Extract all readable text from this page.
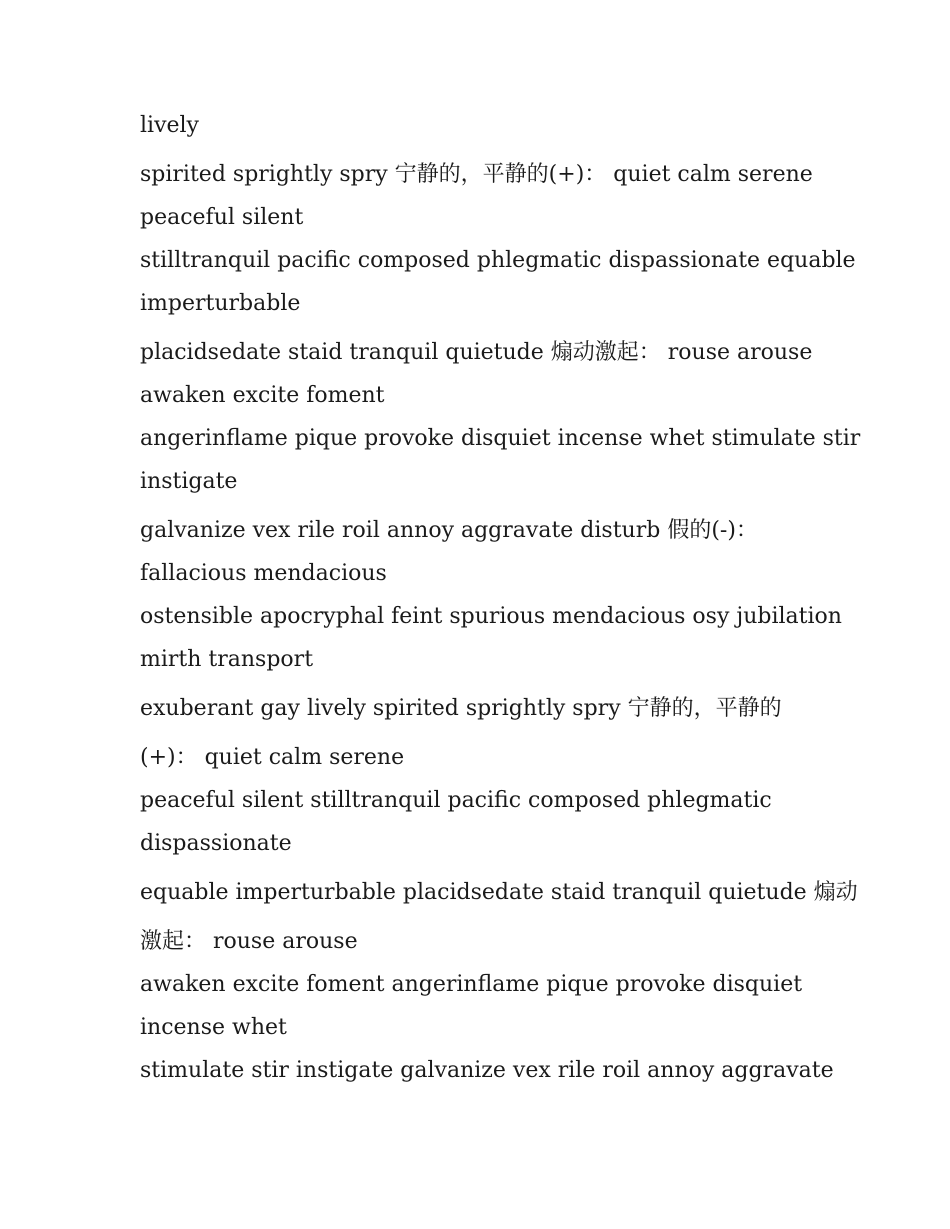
lively

spirited sprightly spry 宁静的，平静的(+)： quiet calm serene

peaceful silent

stilltranquil pacific composed phlegmatic dispassionate equable

imperturbable

placidsedate staid tranquil quietude 煽动激起： rouse arouse

awaken excite foment

angerinflame pique provoke disquiet incense whet stimulate stir

instigate

galvanize vex rile roil annoy aggravate disturb 假的(-)：

fallacious mendacious

ostensible apocryphal feint spurious mendacious osy jubilation

mirth transport

exuberant gay lively spirited sprightly spry 宁静的，平静的

(+)： quiet calm serene

peaceful silent stilltranquil pacific composed phlegmatic

dispassionate

equable imperturbable placidsedate staid tranquil quietude 煽动

激起： rouse arouse

awaken excite foment angerinflame pique provoke disquiet

incense whet

stimulate stir instigate galvanize vex rile roil annoy aggravate
